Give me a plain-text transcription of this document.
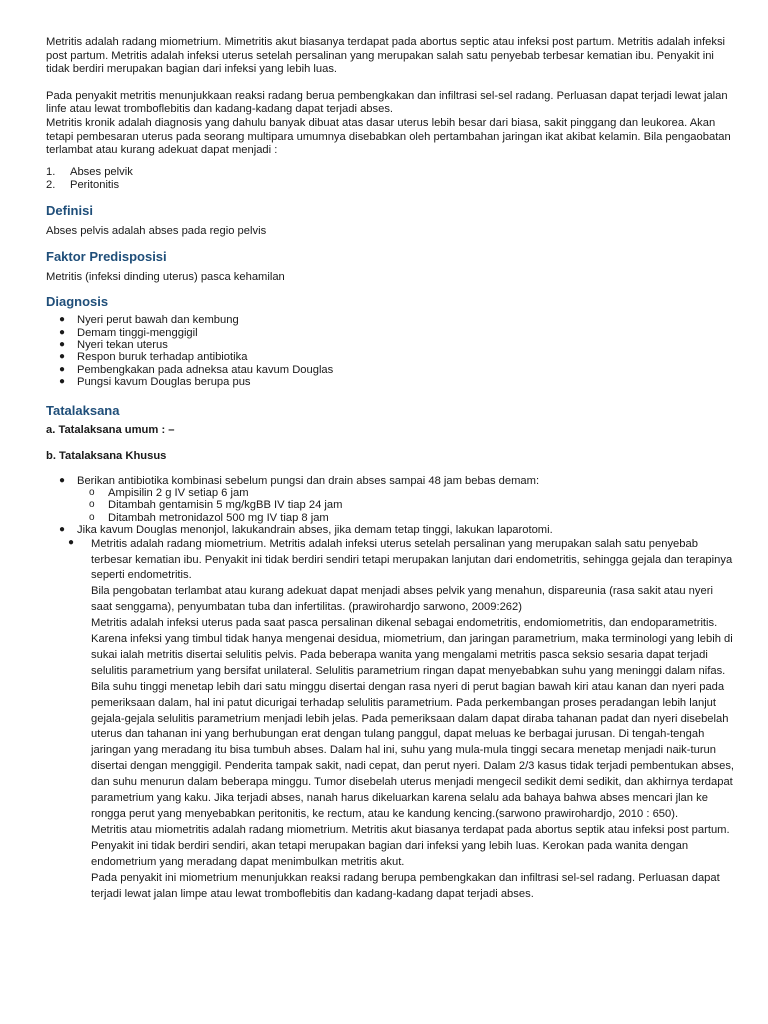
Metritis adalah radang miometrium. Mimetritis akut biasanya terdapat pada abortus septic atau infeksi post partum. Metritis adalah infeksi post partum. Metritis adalah infeksi uterus setelah persalinan yang merupakan salah satu penyebab terbesar kematian ibu. Penyakit ini tidak berdiri merupakan bagian dari infeksi yang lebih luas.

Pada penyakit metritis menunjukkaan reaksi radang berua pembengkakan dan infiltrasi sel-sel radang. Perluasan dapat terjadi lewat jalan linfe atau lewat tromboflebitis dan kadang-kadang dapat terjadi abses.

Metritis kronik adalah diagnosis yang dahulu banyak dibuat atas dasar uterus lebih besar dari biasa, sakit pinggang dan leukorea. Akan tetapi pembesaran uterus pada seorang multipara umumnya disebabkan oleh pertambahan jaringan ikat akibat kelamin. Bila pengaobatan terlambat atau kurang adekuat dapat menjadi :

1. Abses pelvik
2. Peritonitis
Definisi

Abses pelvis adalah abses pada regio pelvis

Faktor Predisposisi

Metritis (infeksi dinding uterus) pasca kehamilan

Diagnosis
● Nyeri perut bawah dan kembung
● Demam tinggi-menggigil
● Nyeri tekan uterus
● Respon buruk terhadap antibiotika
● Pembengkakan pada adneksa atau kavum Douglas
● Pungsi kavum Douglas berupa pus
Tatalaksana

a. Tatalaksana umum : –

b. Tatalaksana Khusus

● Berikan antibiotika kombinasi sebelum pungsi dan drain abses sampai 48 jam bebas demam:
o Ampisilin 2 g IV setiap 6 jam
o Ditambah gentamisin 5 mg/kgBB IV tiap 24 jam
o Ditambah metronidazol 500 mg IV tiap 8 jam
● Jika kavum Douglas menonjol, lakukandrain abses, jika demam tetap tinggi, lakukan laparotomi.
● Metritis adalah radang miometrium. Metritis adalah infeksi uterus setelah persalinan yang merupakan salah satu penyebab terbesar kematian ibu. Penyakit ini tidak berdiri sendiri tetapi merupakan lanjutan dari endometritis, sehingga gejala dan terapinya seperti endometritis.

Bila pengobatan terlambat atau kurang adekuat dapat menjadi abses pelvik yang menahun, dispareunia (rasa sakit atau nyeri saat senggama), penyumbatan tuba dan infertilitas. (prawirohardjo sarwono, 2009:262)

Metritis adalah infeksi uterus pada saat pasca persalinan dikenal sebagai endometritis, endomiometritis, dan endoparametritis. Karena infeksi yang timbul tidak hanya mengenai desidua, miometrium, dan jaringan parametrium, maka terminologi yang lebih di sukai ialah metritis disertai selulitis pelvis. Pada beberapa wanita yang mengalami metritis pasca seksio sesaria dapat terjadi selulitis parametrium yang bersifat unilateral. Selulitis parametrium ringan dapat menyebabkan suhu yang meninggi dalam nifas. Bila suhu tinggi menetap lebih dari satu minggu disertai dengan rasa nyeri di perut bagian bawah kiri atau kanan dan nyeri pada pemeriksaan dalam, hal ini patut dicurigai terhadap selulitis parametrium. Pada perkembangan proses peradangan lebih lanjut gejala-gejala selulitis parametrium menjadi lebih jelas. Pada pemeriksaan dalam dapat diraba tahanan padat dan nyeri disebelah uterus dan tahanan ini yang berhubungan erat dengan tulang panggul, dapat meluas ke berbagai jurusan. Di tengah-tengah jaringan yang meradang itu bisa tumbuh abses. Dalam hal ini, suhu yang mula-mula tinggi secara menetap menjadi naik-turun disertai dengan menggigil. Penderita tampak sakit, nadi cepat, dan perut nyeri. Dalam 2/3 kasus tidak terjadi pembentukan abses, dan suhu menurun dalam beberapa minggu. Tumor disebelah uterus menjadi mengecil sedikit demi sedikit, dan akhirnya terdapat parametrium yang kaku. Jika terjadi abses, nanah harus dikeluarkan karena selalu ada bahaya bahwa abses mencari jlan ke rongga perut yang menyebabkan peritonitis, ke rectum, atau ke kandung kencing.(sarwono prawirohardjo, 2010 : 650).

Metritis atau miometritis adalah radang miometrium. Metritis akut biasanya terdapat pada abortus septik atau infeksi post partum. Penyakit ini tidak berdiri sendiri, akan tetapi merupakan bagian dari infeksi yang lebih luas. Kerokan pada wanita dengan endometrium yang meradang dapat menimbulkan metritis akut.

Pada penyakit ini miometrium menunjukkan reaksi radang berupa pembengkakan dan infiltrasi sel-sel radang. Perluasan dapat terjadi lewat jalan limpe atau lewat tromboflebitis dan kadang-kadang dapat terjadi abses.
